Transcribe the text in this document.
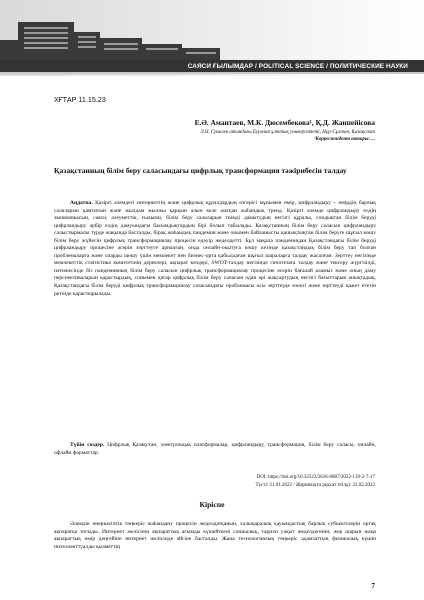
САЯСИ ҒЫЛЫМДАР / POLITICAL SCIENCE / ПОЛИТИЧЕСКИЕ НАУКИ
ХҒТАР 11.15.23
Е.Ә. Амантаев, М.К. Дюсембекова¹, Қ.Д. Жанпейісова
Л.Н. Гумилев атындағы Еуразия ұлттық университеті, Нұр-Сұлтан, Қазақстан
¹Корреспондент авторы: ...
Қазақстанның білім беру саласындағы цифрлық трансформация тәжірибесін талдау
Аңдатпа. Қазіргі әлемдегі интернеттің және цифрлық құралдардың өзгерісі мұнымен өмір, цифрландыру – өмірдің барлық салаларын қамтитын және жылдам жылжы қарқын алып келе жатқан жаһандық тренд. Қазіргі әлемде цифрландыру елдің экономикасын, саяси, әлеуметтік, ғылыми, білім беру салаларын тиімді дамытудың негізгі құралы, сондықтан білім беруді цифрландыру әрбір елдің дамуындағы басымдықтардың бірі болып табылады. Қазақстанның білім беру саласын цифрландыру салыстырмалы түрде жақында басталды, бірақ жаһандық пандемия және онымен байланысты қашықтықтан білім беруге шұғыл көшу білім беру жүйесін цифрлық трансформациялау процесін едәуір жеделдетті. Бұл мақала пандемиядан Қазақстандағы білім беруді цифрландыру процесіне әсерін зерттеуге арналған, онда онлайн-оқытуға көшу кезінде қазақстандық білім беру тап болған проблемаларға және оларды шешу үшін мемлекет пен бизнес-орта қабылдаған шұғыл шараларға талдау жасалған. Зерттеу негізінде мемлекеттік статистика комитетінің деректері, ақпарат көздері, SWOT-талдау негізінде гипотезаға талдау және тексеру жүргізілді, нәтижесінде біз пандемияның білім беру саласын цифрлық трансформациялау процесіне әсерін бағалай аламыз және оның даму перспективаларын қарастырдық, сонымен қатар цифрлық білім беру сапасын одан әрі жақсартудың негізгі бағыттарын анықтадық. Қазақстандағы білім беруді цифрлық трансформациялау саласындағы проблемасы осы зерттеуде өзекті және зерттеуді қажет ететін ретінде қарастырылады.
Түйін сөздер. Цифрлық Қазақстан, электрондық платформалар, цифрландыру, трансформация, білім беру саласы, онлайн, офлайн форматтар.
DOI: https://doi.org/10.32523/2616-6887/2022-139-2-7-17
Түсті: 21.01.2022 / Жариялауға рұқсат етілді: 22.02.2022
Кіріспе
Әлемдік өнеркәсіптік төңкеріс жаһандану процесін жеделдатқанын, халықаралық қауымдастық барлық субъектілерін ортақ ақпаратқа тоғыды. Интернет желісінің ақпараттық ағымды күшейткені соншалық, тарихи уақыт жеделдегенін, жер шарын жаңа ақпараттық өмір деңгейіне интернет желісінде әйгіне басталды. Жаңа технологиялық төңкеріс адамзаттың физикалық күшін интеллекттуалды қызметтің
7
